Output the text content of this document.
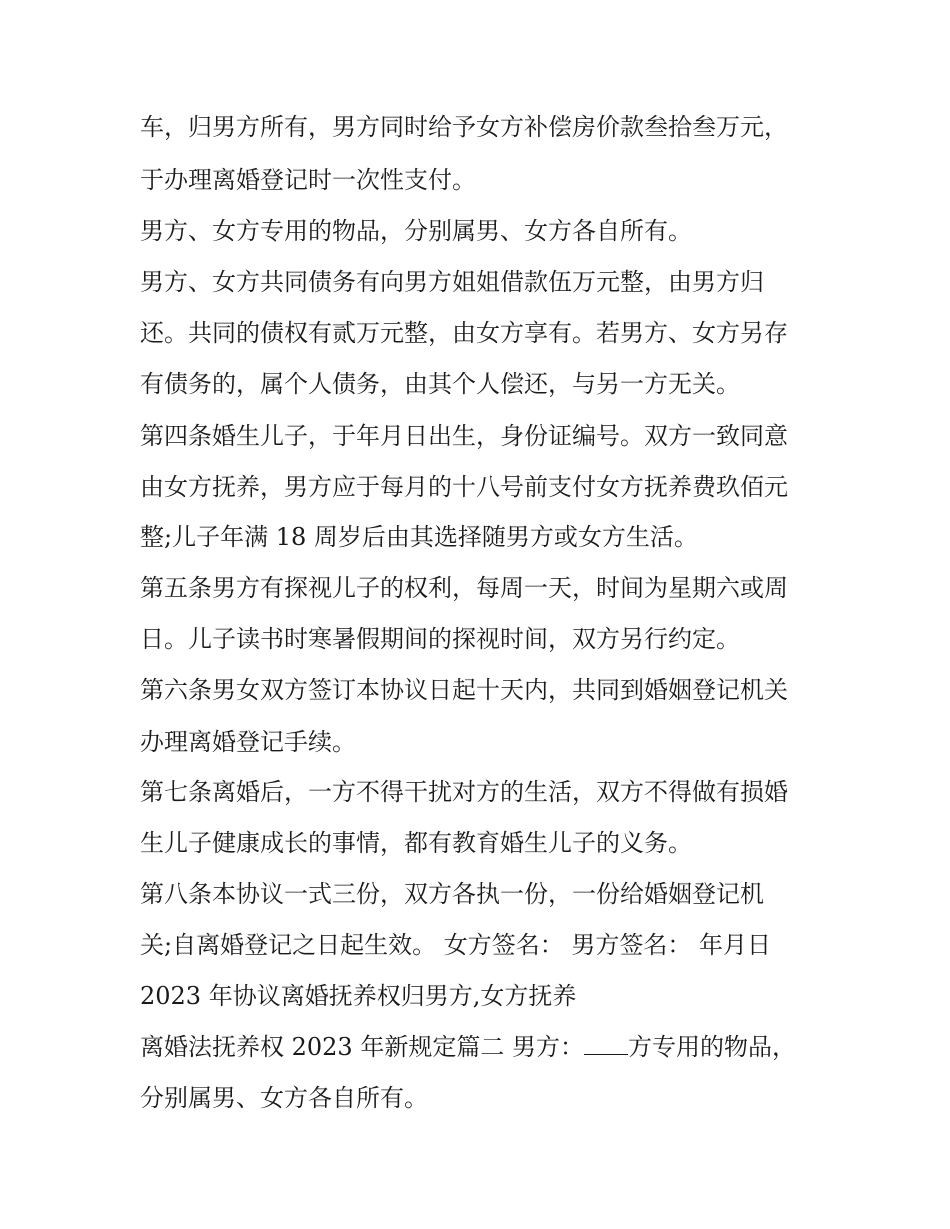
车，归男方所有，男方同时给予女方补偿房价款叁拾叁万元，
于办理离婚登记时一次性支付。
男方、女方专用的物品，分别属男、女方各自所有。
男方、女方共同债务有向男方姐姐借款伍万元整，由男方归
还。共同的债权有贰万元整，由女方享有。若男方、女方另存
有债务的，属个人债务，由其个人偿还，与另一方无关。
第四条婚生儿子，于年月日出生，身份证编号。双方一致同意
由女方抚养，男方应于每月的十八号前支付女方抚养费玖佰元
整;儿子年满 18 周岁后由其选择随男方或女方生活。
第五条男方有探视儿子的权利，每周一天，时间为星期六或周
日。儿子读书时寒暑假期间的探视时间，双方另行约定。
第六条男女双方签订本协议日起十天内，共同到婚姻登记机关
办理离婚登记手续。
第七条离婚后，一方不得干扰对方的生活，双方不得做有损婚
生儿子健康成长的事情，都有教育婚生儿子的义务。
第八条本协议一式三份，双方各执一份，一份给婚姻登记机
关;自离婚登记之日起生效。 女方签名： 男方签名： 年月日
2023 年协议离婚抚养权归男方,女方抚养
离婚法抚养权 2023 年新规定篇二 男方： 方专用的物品，
分别属男、女方各自所有。
